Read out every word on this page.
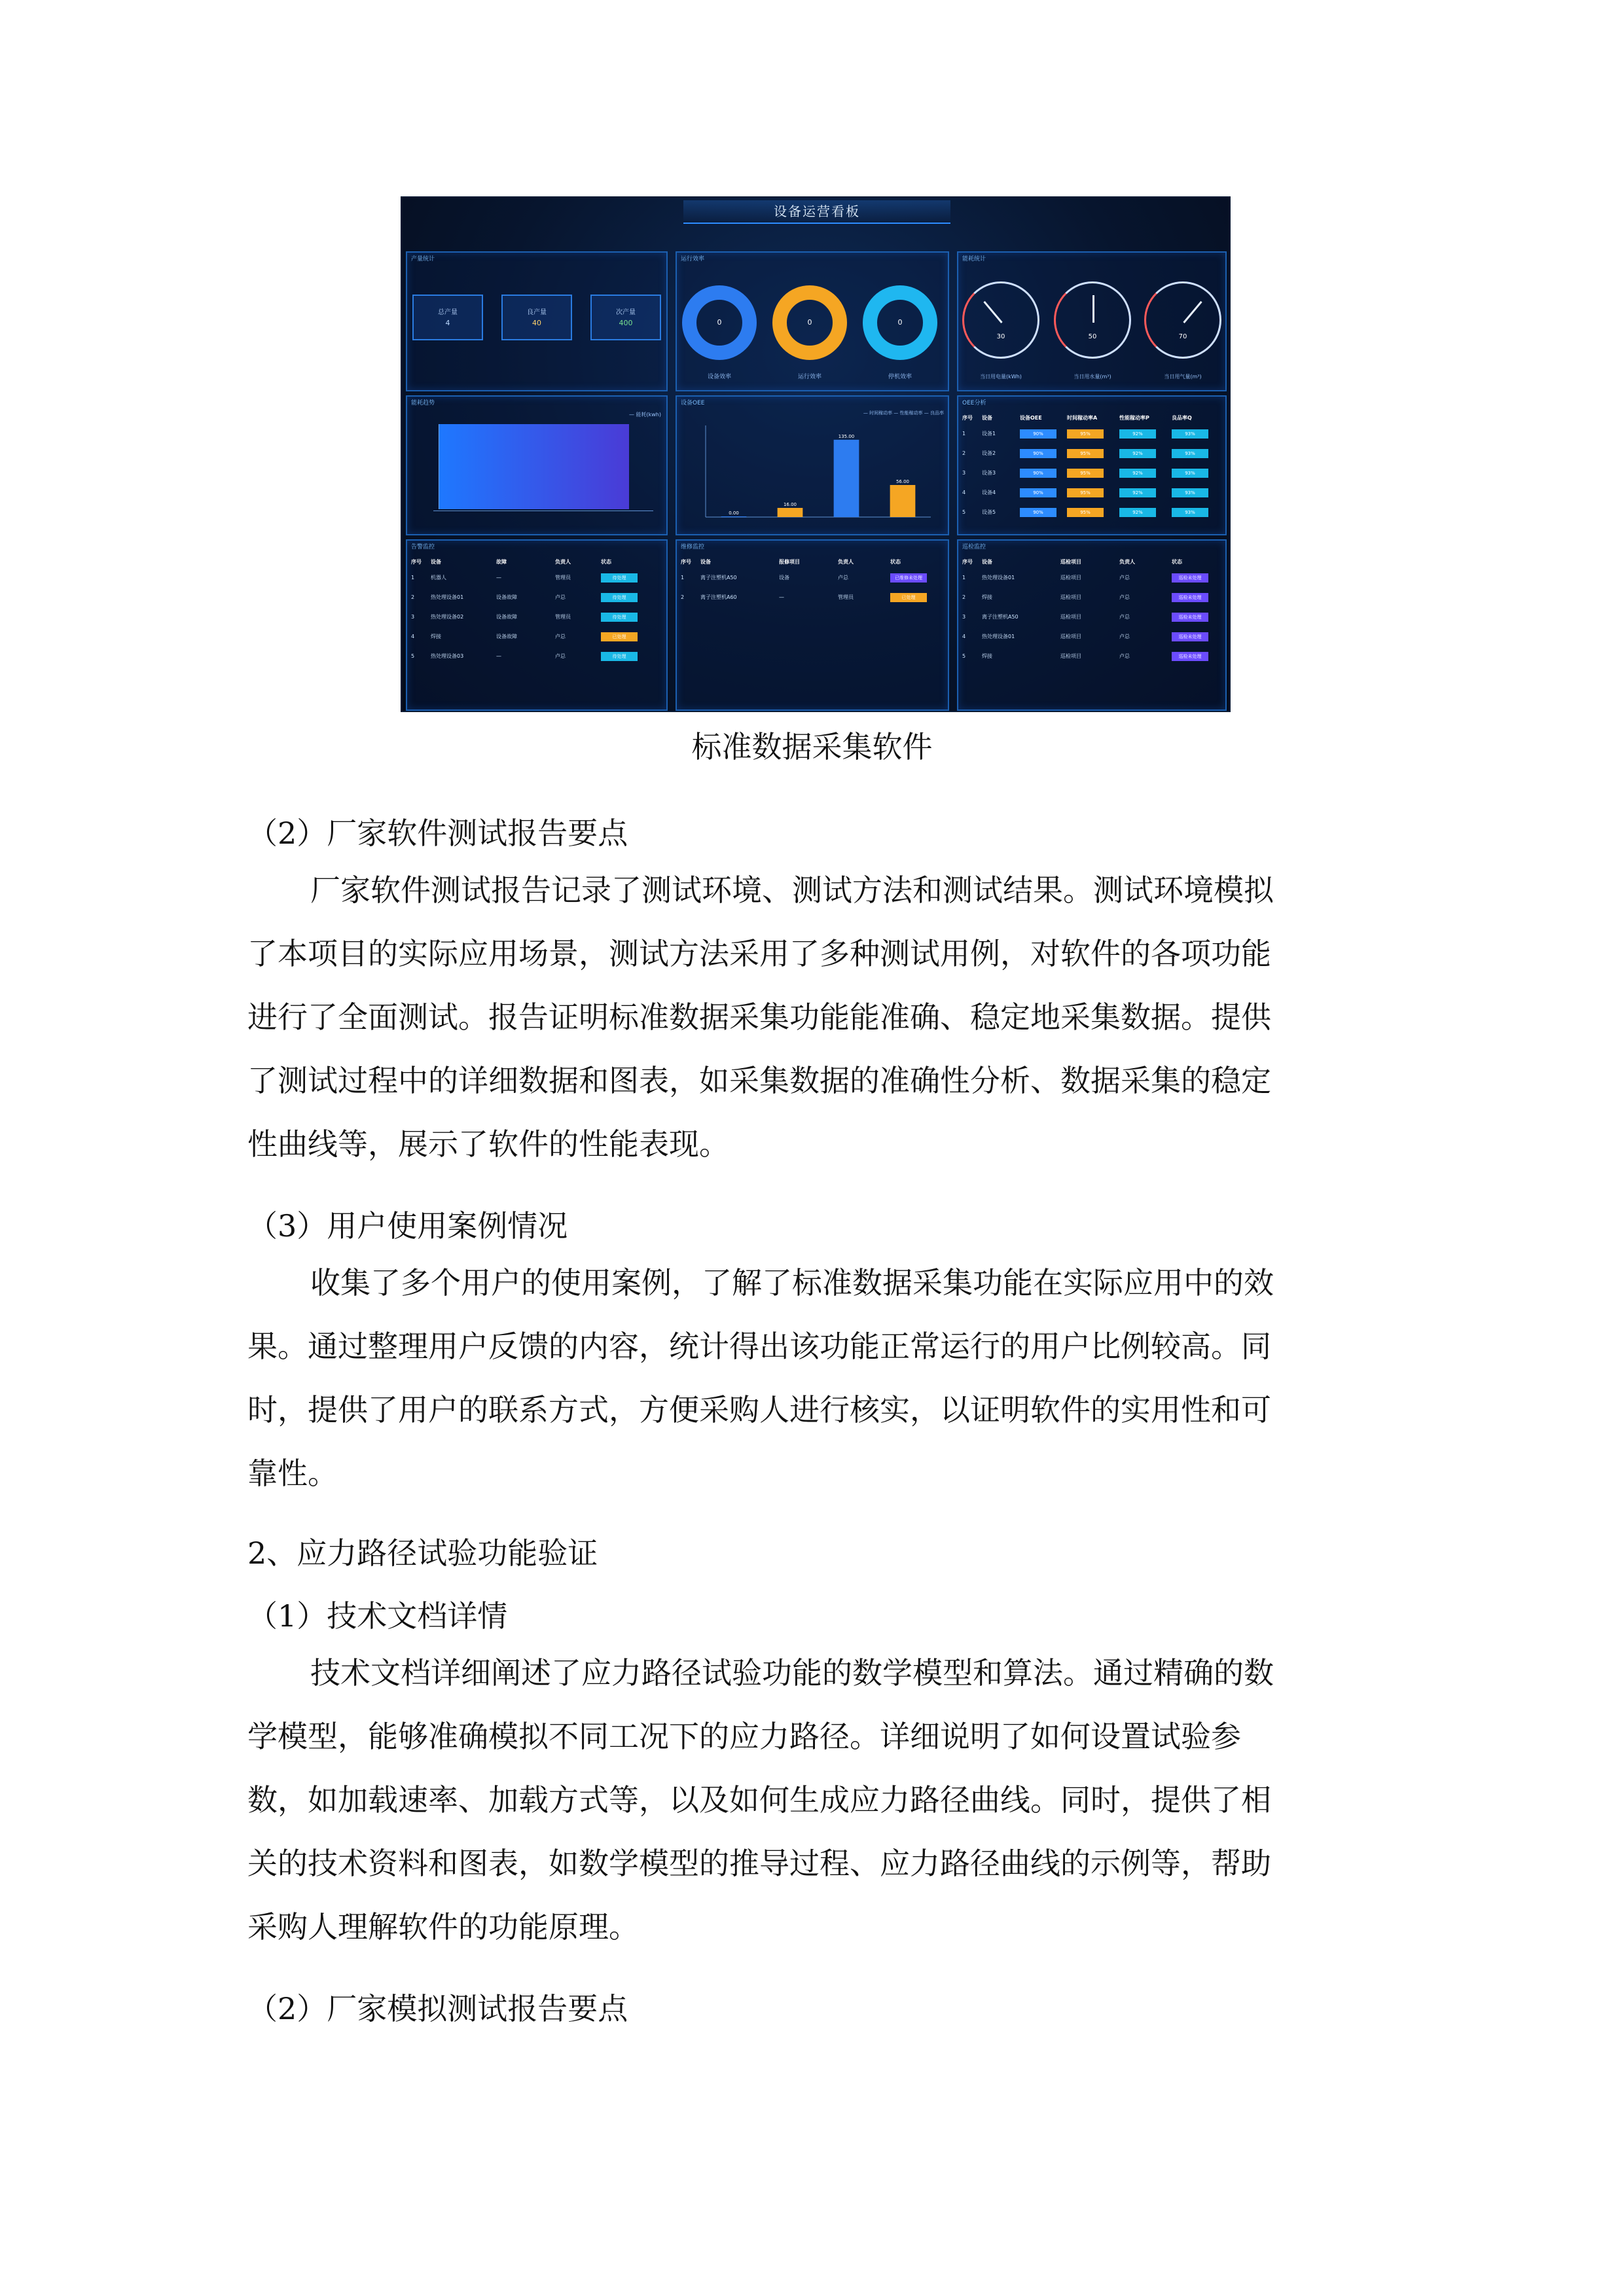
设备运营看板
产量统计
总产量
4
良产量
40
次产量
400
运行效率
0	0	0
设备效率	运行效率	停机效率
能耗统计
30	50	70
当日用电量(kWh)	当日用水量(m³)	当日用气量(m³)
能耗趋势
— 能耗(kwh)
设备OEE
— 时间稼动率 — 性能稼动率 — 良品率
0.00
16.00
135.00
56.00
OEE分析
序号 设备	设备OEE	时间稼动率A	性能稼动率P	良品率Q
1	设备1	90%	95%	92%	93%
2	设备2	90%	95%	92%	93%
3	设备3	90%	95%	92%	93%
4	设备4	90%	95%	92%	93%
5	设备5	90%	95%	92%	93%
告警监控
序号 设备	故障	负责人	状态
1	机器人	—	管理员	待处理
2	热处理设备01	设备故障	卢总	待处理
3	热处理设备02	设备故障	管理员	待处理
4	焊接	设备故障	卢总	已处理
5	热处理设备03	—	卢总	待处理
维修监控
序号 设备	报修项目	负责人	状态
1	离子注塑机A50	设备	卢总	已维修未处理
2	离子注塑机A60	—	管理员	已处理
巡检监控
序号 设备	巡检项目	负责人	状态
1	热处理设备01	巡检项目	卢总	巡检未处理
2	焊接	巡检项目	卢总	巡检未处理
3	离子注塑机A50	巡检项目	卢总	巡检未处理
4	热处理设备01	巡检项目	卢总	巡检未处理
5	焊接	巡检项目	卢总	巡检未处理
标准数据采集软件
（2）厂家软件测试报告要点
厂家软件测试报告记录了测试环境、测试方法和测试结果。测试环境模拟
了本项目的实际应用场景，测试方法采用了多种测试用例，对软件的各项功能
进行了全面测试。报告证明标准数据采集功能能准确、稳定地采集数据。提供
了测试过程中的详细数据和图表，如采集数据的准确性分析、数据采集的稳定
性曲线等，展示了软件的性能表现。
（3）用户使用案例情况
收集了多个用户的使用案例，了解了标准数据采集功能在实际应用中的效
果。通过整理用户反馈的内容，统计得出该功能正常运行的用户比例较高。同
时，提供了用户的联系方式，方便采购人进行核实，以证明软件的实用性和可
靠性。
2、应力路径试验功能验证
（1）技术文档详情
技术文档详细阐述了应力路径试验功能的数学模型和算法。通过精确的数
学模型，能够准确模拟不同工况下的应力路径。详细说明了如何设置试验参
数，如加载速率、加载方式等，以及如何生成应力路径曲线。同时，提供了相
关的技术资料和图表，如数学模型的推导过程、应力路径曲线的示例等，帮助
采购人理解软件的功能原理。
（2）厂家模拟测试报告要点
